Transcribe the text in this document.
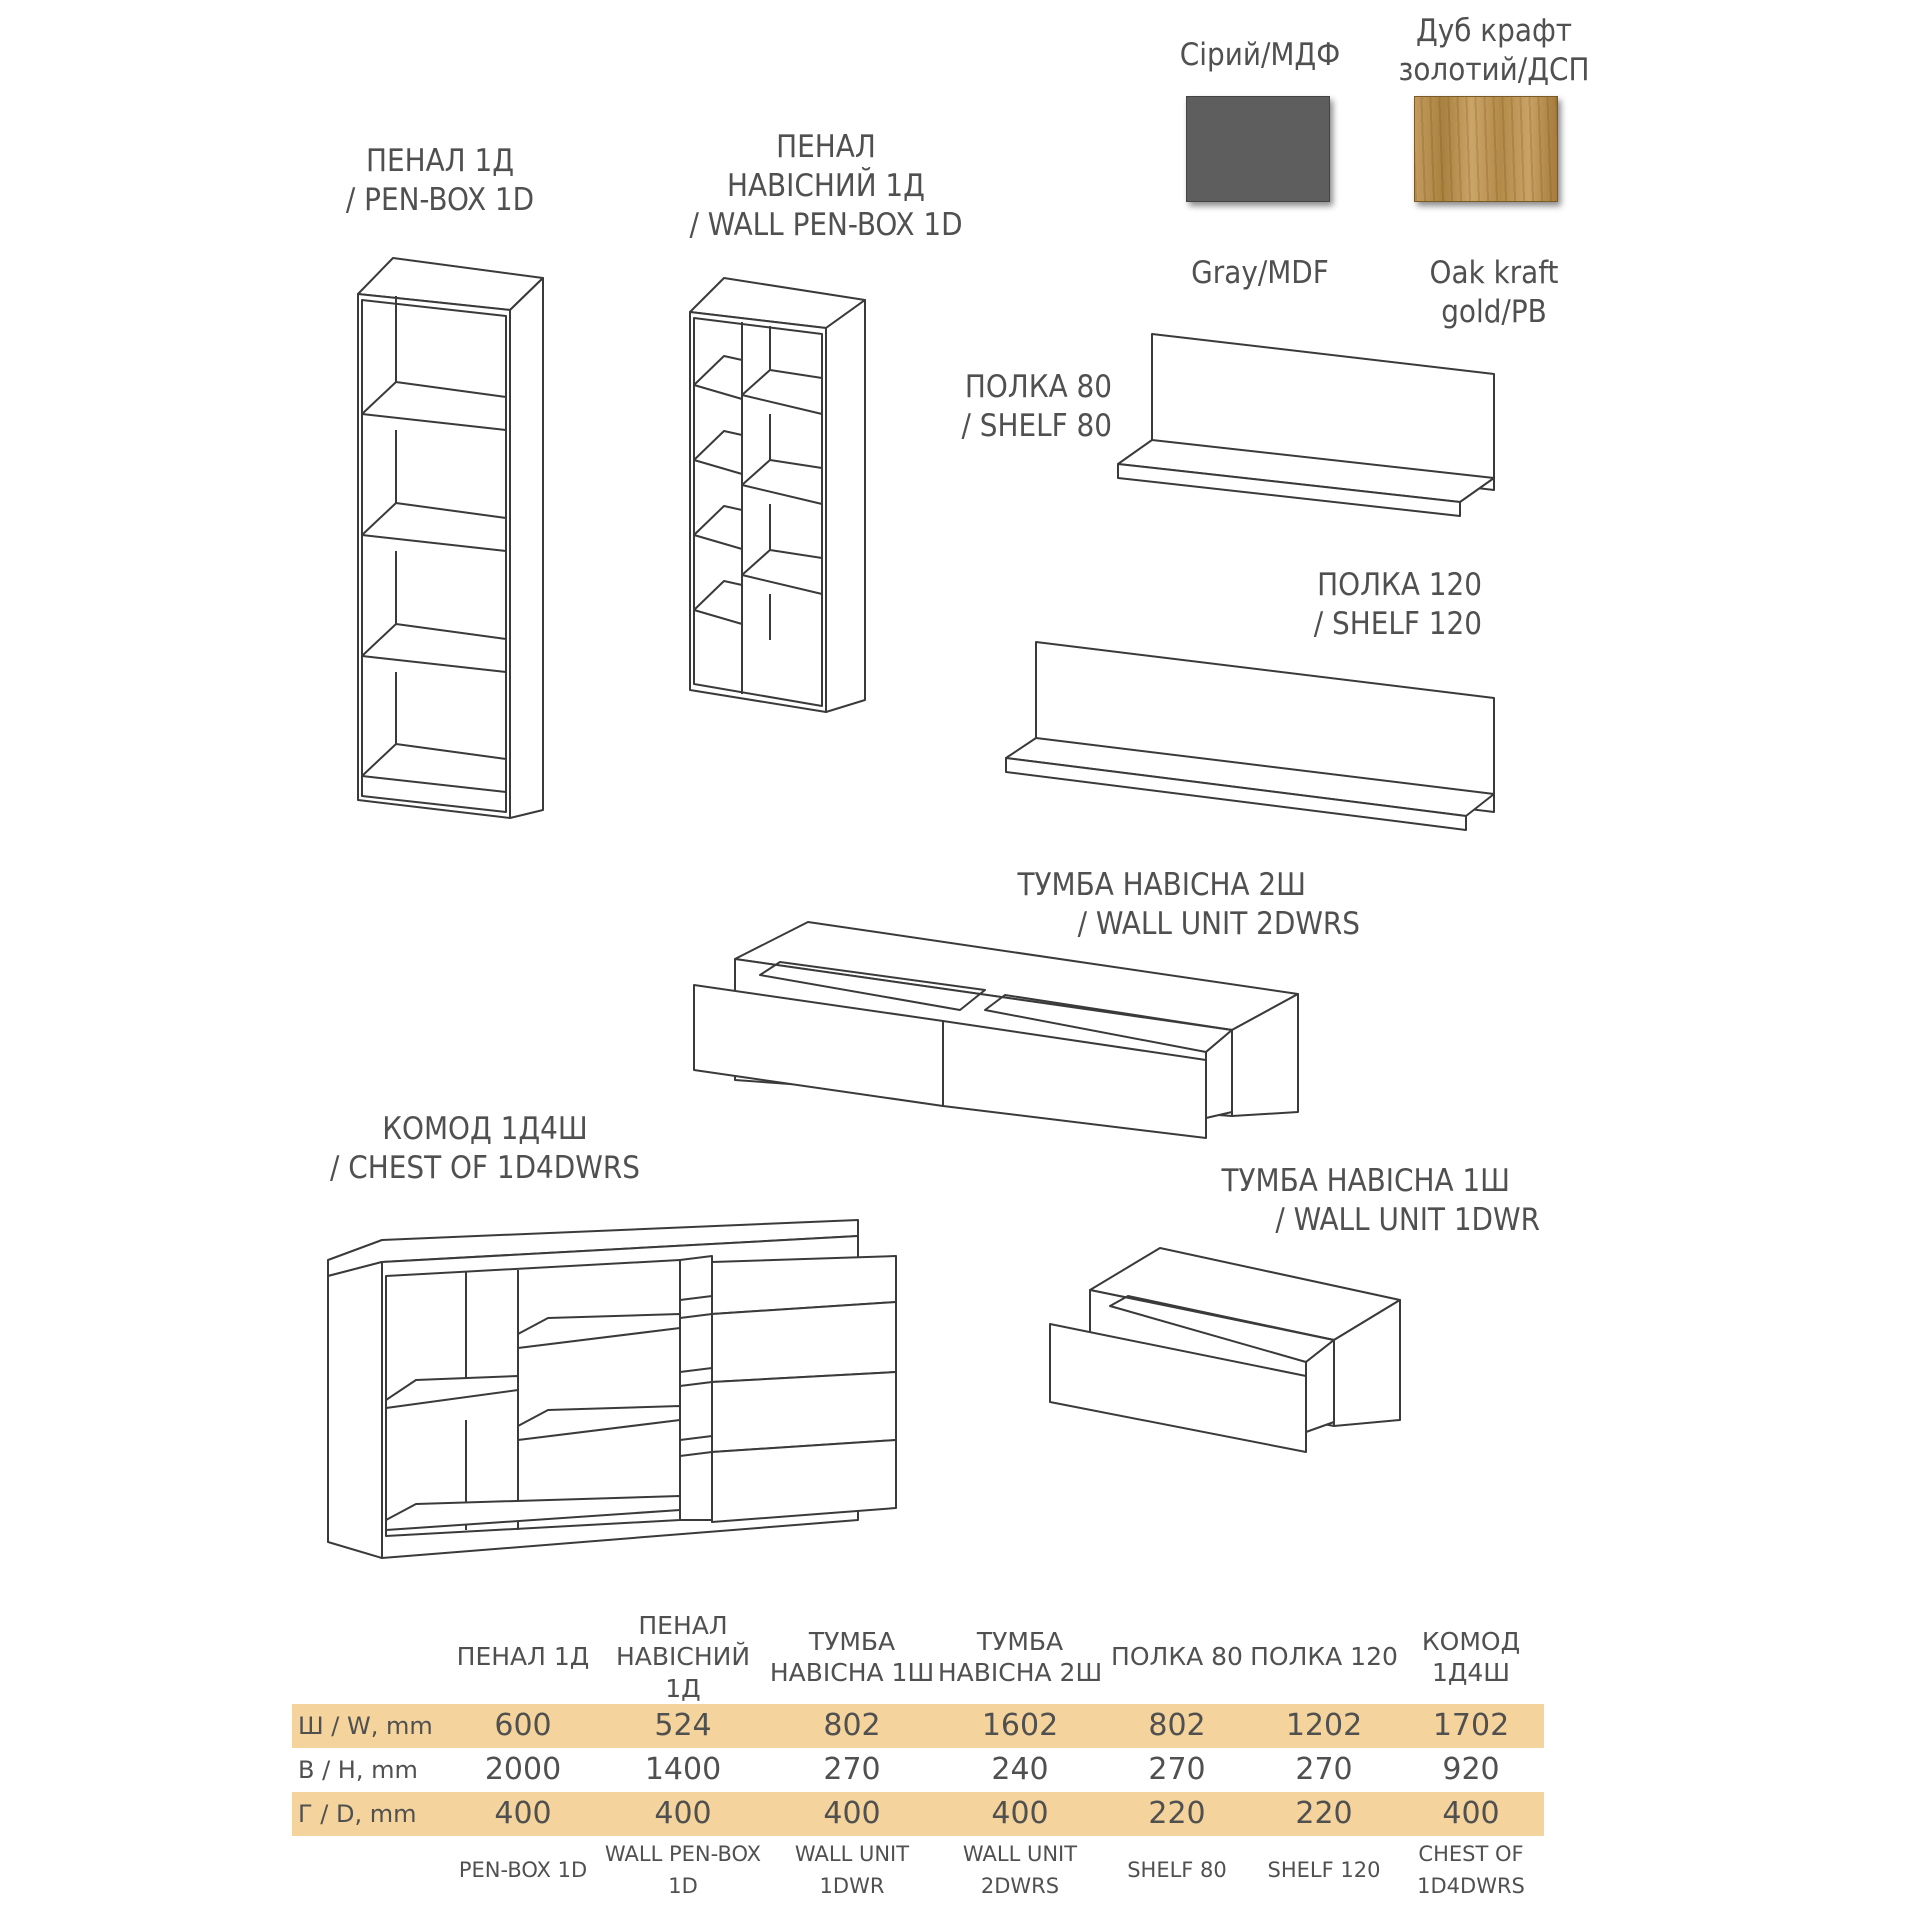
ПЕНАЛ 1Д
/ PEN-BOX 1D
ПЕНАЛ
НАВІСНИЙ 1Д
/ WALL PEN-BOX 1D
ПОЛКА 80
/ SHELF 80
ПОЛКА 120
/ SHELF 120
ТУМБА НАВІСНА 2Ш
/ WALL UNIT 2DWRS
КОМОД 1Д4Ш
/ CHEST OF 1D4DWRS	ТУМБА НАВІСНА 1Ш
/ WALL UNIT 1DWR
Сірий/МДФ
Gray/MDF
Дуб крафт
золотий/ДСП
Oak kraft
gold/PB
	ПЕНАЛ 1Д	ПЕНАЛ
НАВІСНИЙ 1Д	ТУМБА
НАВІСНА 1Ш	ТУМБА
НАВІСНА 2Ш	ПОЛКА 80	ПОЛКА 120	КОМОД
1Д4Ш
Ш / W, mm	600	524	802	1602	802	1202	1702
В / H, mm	2000	1400	270	240	270	270	920
Г / D, mm	400	400	400	400	220	220	400
	PEN-BOX 1D	WALL PEN-BOX
1D	WALL UNIT
1DWR	WALL UNIT
2DWRS	SHELF 80	SHELF 120	CHEST OF
1D4DWRS
